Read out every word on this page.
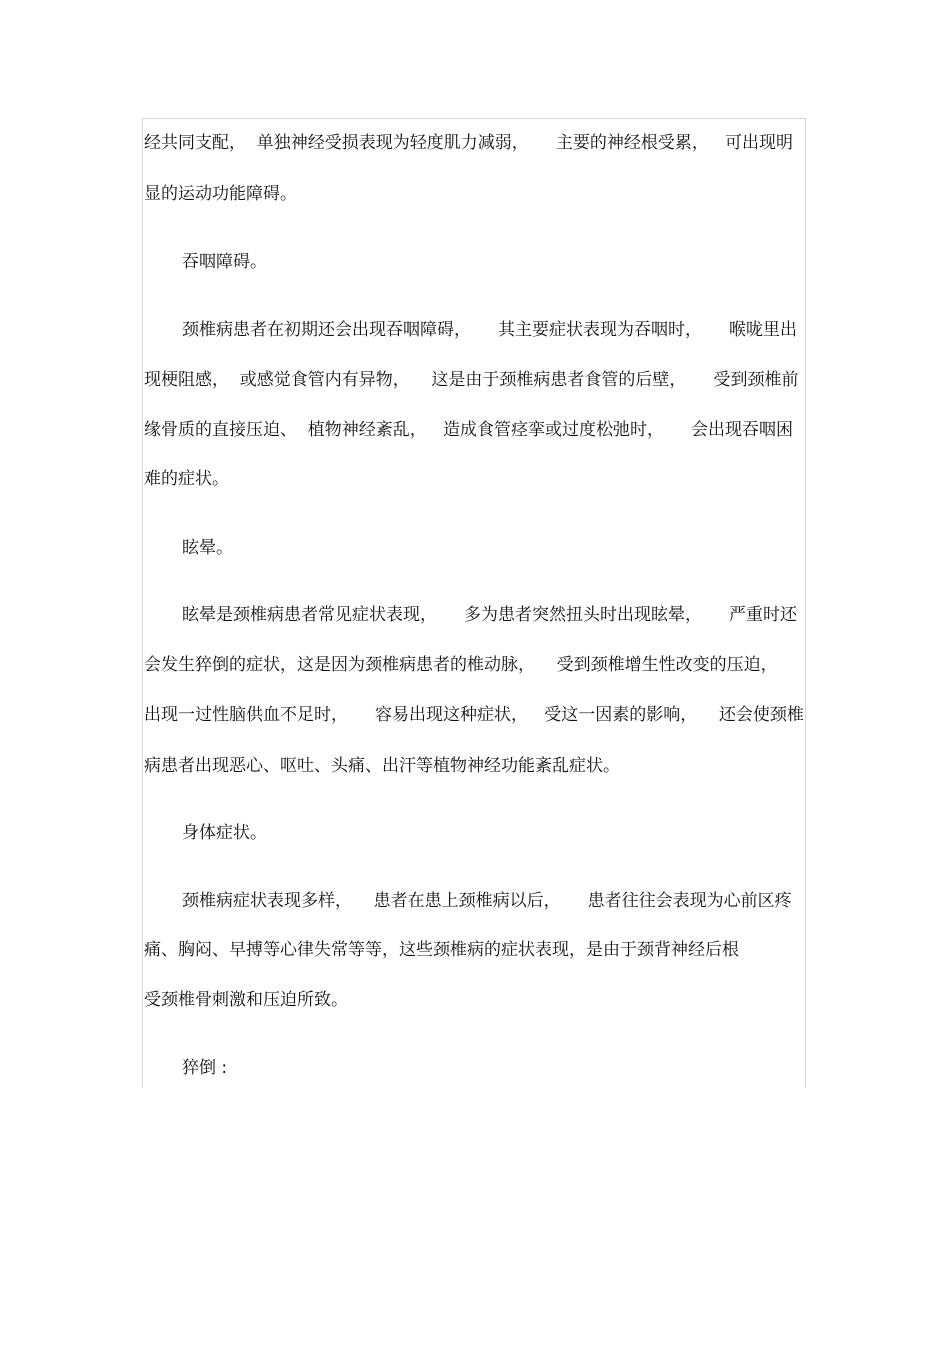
经共同支配，  单独神经受损表现为轻度肌力减弱，     主要的神经根受累，   可出现明
显的运动功能障碍。
吞咽障碍。
颈椎病患者在初期还会出现吞咽障碍，     其主要症状表现为吞咽时，     喉咙里出
现梗阻感，  或感觉食管内有异物，    这是由于颈椎病患者食管的后壁，     受到颈椎前
缘骨质的直接压迫、  植物神经紊乱，   造成食管痉挛或过度松弛时，     会出现吞咽困
难的症状。
眩晕。
眩晕是颈椎病患者常见症状表现，     多为患者突然扭头时出现眩晕，     严重时还
会发生猝倒的症状，这是因为颈椎病患者的椎动脉，    受到颈椎增生性改变的压迫，
出现一过性脑供血不足时，     容易出现这种症状，   受这一因素的影响，    还会使颈椎
病患者出现恶心、呕吐、头痛、出汗等植物神经功能紊乱症状。
身体症状。
颈椎病症状表现多样，    患者在患上颈椎病以后，     患者往往会表现为心前区疼
痛、胸闷、早搏等心律失常等等，这些颈椎病的症状表现，是由于颈背神经后根
受颈椎骨刺激和压迫所致。
猝倒 :
